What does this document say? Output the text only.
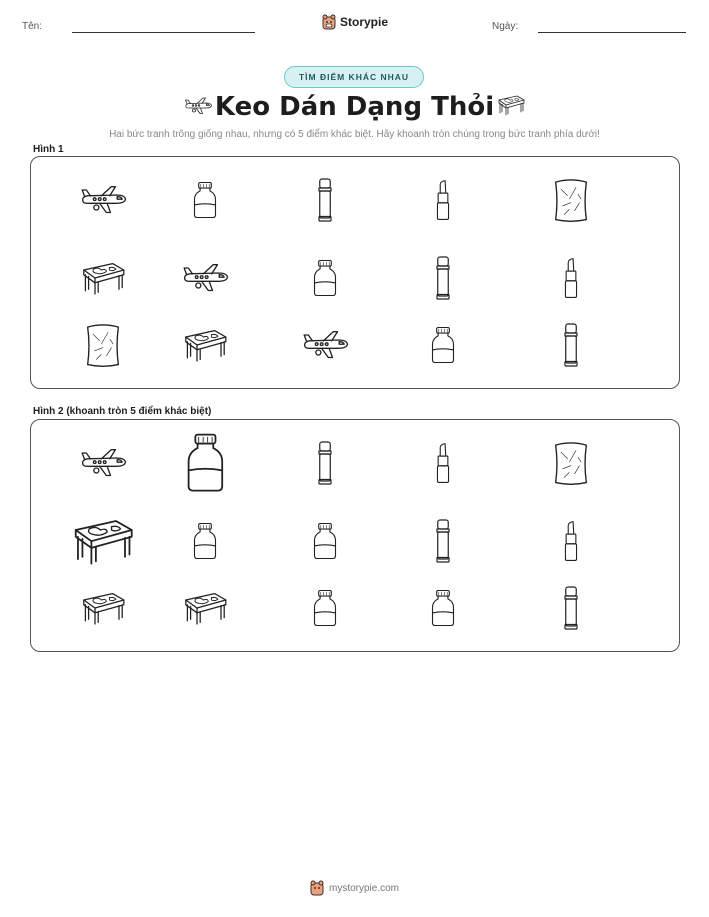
Tên:	Storypie	Ngày:
TÌM ĐIỂM KHÁC NHAU
Keo Dán Dạng Thỏi
Hai bức tranh trông giống nhau, nhưng có 5 điểm khác biệt. Hãy khoanh tròn chúng trong bức tranh phía dưới!
Hình 1
Hình 2 (khoanh tròn 5 điểm khác biệt)
mystorypie.com
